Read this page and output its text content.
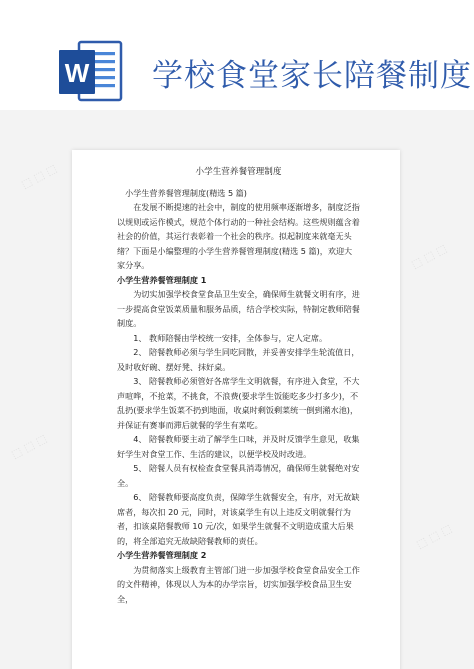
W 学校食堂家长陪餐制度
⬚ ⬚ ⬚
⬚ ⬚ ⬚
⬚ ⬚ ⬚
⬚ ⬚ ⬚
小学生营养餐管理制度

小学生营养餐管理制度(精选 5 篇)

在发展不断提速的社会中，制度的使用频率逐渐增多，制度泛指以规则或运作模式，规范个体行动的一种社会结构。这些规则蕴含着社会的价值，其运行表彰着一个社会的秩序。拟起制度来就毫无头绪？下面是小编整理的小学生营养餐管理制度(精选 5 篇)，欢迎大家分享。

小学生营养餐管理制度 1

为切实加强学校食堂食品卫生安全，确保师生就餐文明有序，进一步提高食堂饭菜质量和服务品质，结合学校实际，特制定教师陪餐制度。

1、 教师陪餐由学校统一安排，全体参与，定人定席。

2、 陪餐教师必须与学生同吃同散，并妥善安排学生轮流值日，及时收好碗、摆好凳、抹好桌。

3、 陪餐教师必须管好各席学生文明就餐，有序进入食堂，不大声喧哗，不抢菜，不挑食，不浪费(要求学生饭能吃多少打多少)，不乱扔(要求学生饭菜不扔到地面，收桌时剩饭剩菜统一倒到潲水池)，并保证有赛事而滞后就餐的学生有菜吃。

4、 陪餐教师要主动了解学生口味，并及时反馈学生意见，收集好学生对食堂工作、生活的建议，以便学校及时改进。

5、 陪餐人员有权检查食堂餐具消毒情况，确保师生就餐绝对安全。

6、 陪餐教师要高度负责，保障学生就餐安全，有序，对无故缺席者，每次扣 20 元，同时，对该桌学生有以上违反文明就餐行为者，扣该桌陪餐教师 10 元/次，如果学生就餐不文明造成重大后果的，将全部追究无故缺陪餐教师的责任。

小学生营养餐管理制度 2

为贯彻落实上级教育主管部门进一步加强学校食堂食品安全工作的文件精神，体现以人为本的办学宗旨，切实加强学校食品卫生安全，
